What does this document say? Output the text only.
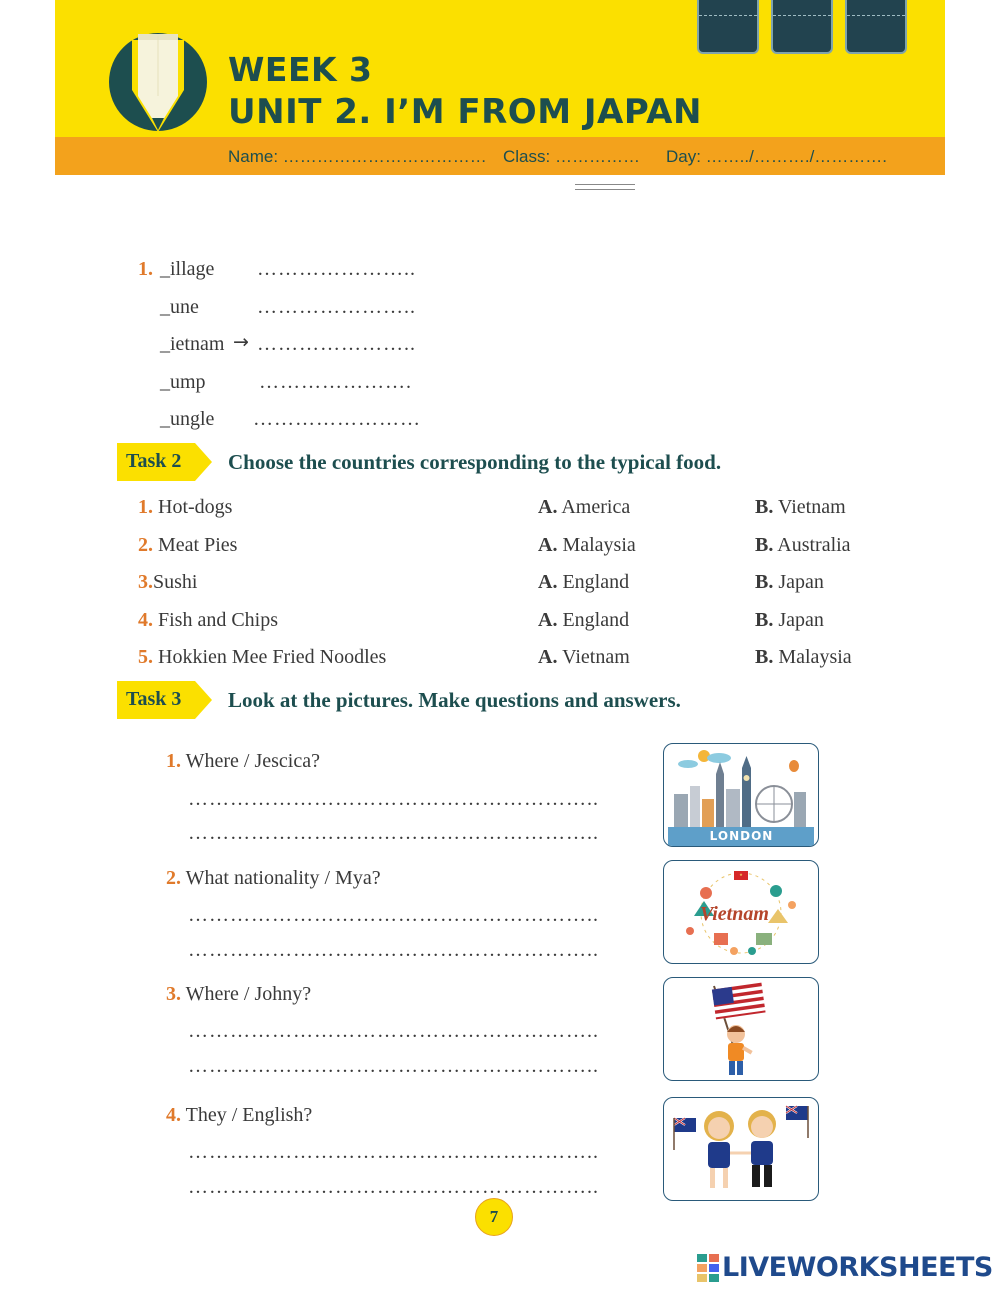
WEEK 3
UNIT 2. I’M FROM JAPAN
Name: ……………………………… Class: …………… Day: ……../………./………….
1. _illage …………………..
_une	…………………..
_ietnam → …………………..
_ump	………………….
_ungle ……………………
Task 2 Choose the countries corresponding to the typical food.
1. Hot-dogs	A. America	B. Vietnam
2. Meat Pies	A. Malaysia	B. Australia
3.Sushi	A. England	B. Japan
4. Fish and Chips	A. England	B. Japan
5. Hokkien Mee Fried Noodles	A. Vietnam	B. Malaysia
Task 3 Look at the pictures. Make questions and answers.
1. Where / Jescica?
…………………………………………………..
…………………………………………………..	LONDON
2. What nationality / Mya?
…………………………………………………..
…………………………………………………..
Vietnam
3. Where / Johny?
…………………………………………………..
…………………………………………………..
4. They / English?
…………………………………………………..
…………………………………………………..
7
LIVEWORKSHEETS
